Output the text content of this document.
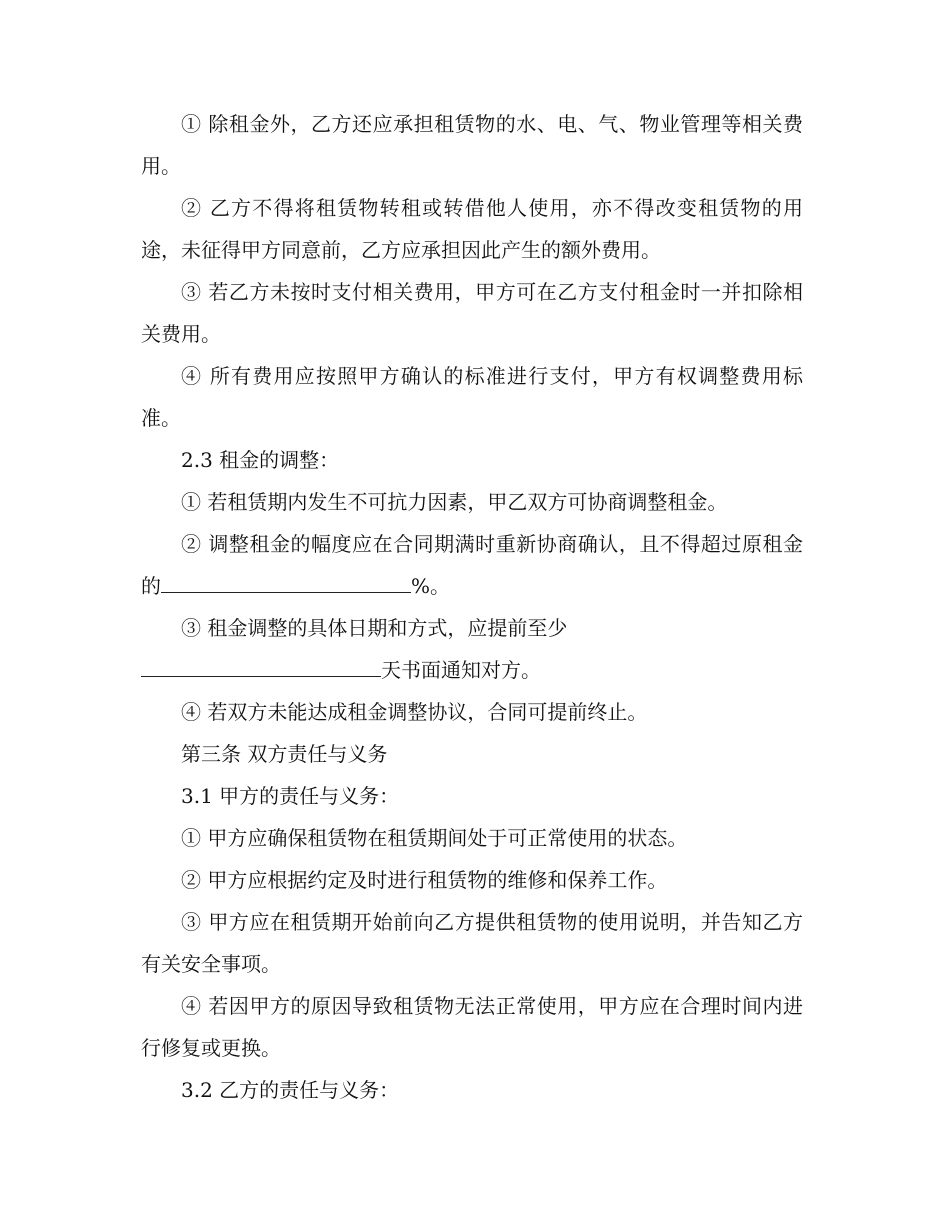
① 除租金外，乙方还应承担租赁物的水、电、气、物业管理等相关费用。

② 乙方不得将租赁物转租或转借他人使用，亦不得改变租赁物的用途，未征得甲方同意前，乙方应承担因此产生的额外费用。

③ 若乙方未按时支付相关费用，甲方可在乙方支付租金时一并扣除相关费用。

④ 所有费用应按照甲方确认的标准进行支付，甲方有权调整费用标准。

2.3 租金的调整：

① 若租赁期内发生不可抗力因素，甲乙双方可协商调整租金。

② 调整租金的幅度应在合同期满时重新协商确认，且不得超过原租金的	%。

③ 租金调整的具体日期和方式，应提前至少

天书面通知对方。

④ 若双方未能达成租金调整协议，合同可提前终止。

第三条 双方责任与义务

3.1 甲方的责任与义务：

① 甲方应确保租赁物在租赁期间处于可正常使用的状态。

② 甲方应根据约定及时进行租赁物的维修和保养工作。

③ 甲方应在租赁期开始前向乙方提供租赁物的使用说明，并告知乙方有关安全事项。

④ 若因甲方的原因导致租赁物无法正常使用，甲方应在合理时间内进行修复或更换。

3.2 乙方的责任与义务：
